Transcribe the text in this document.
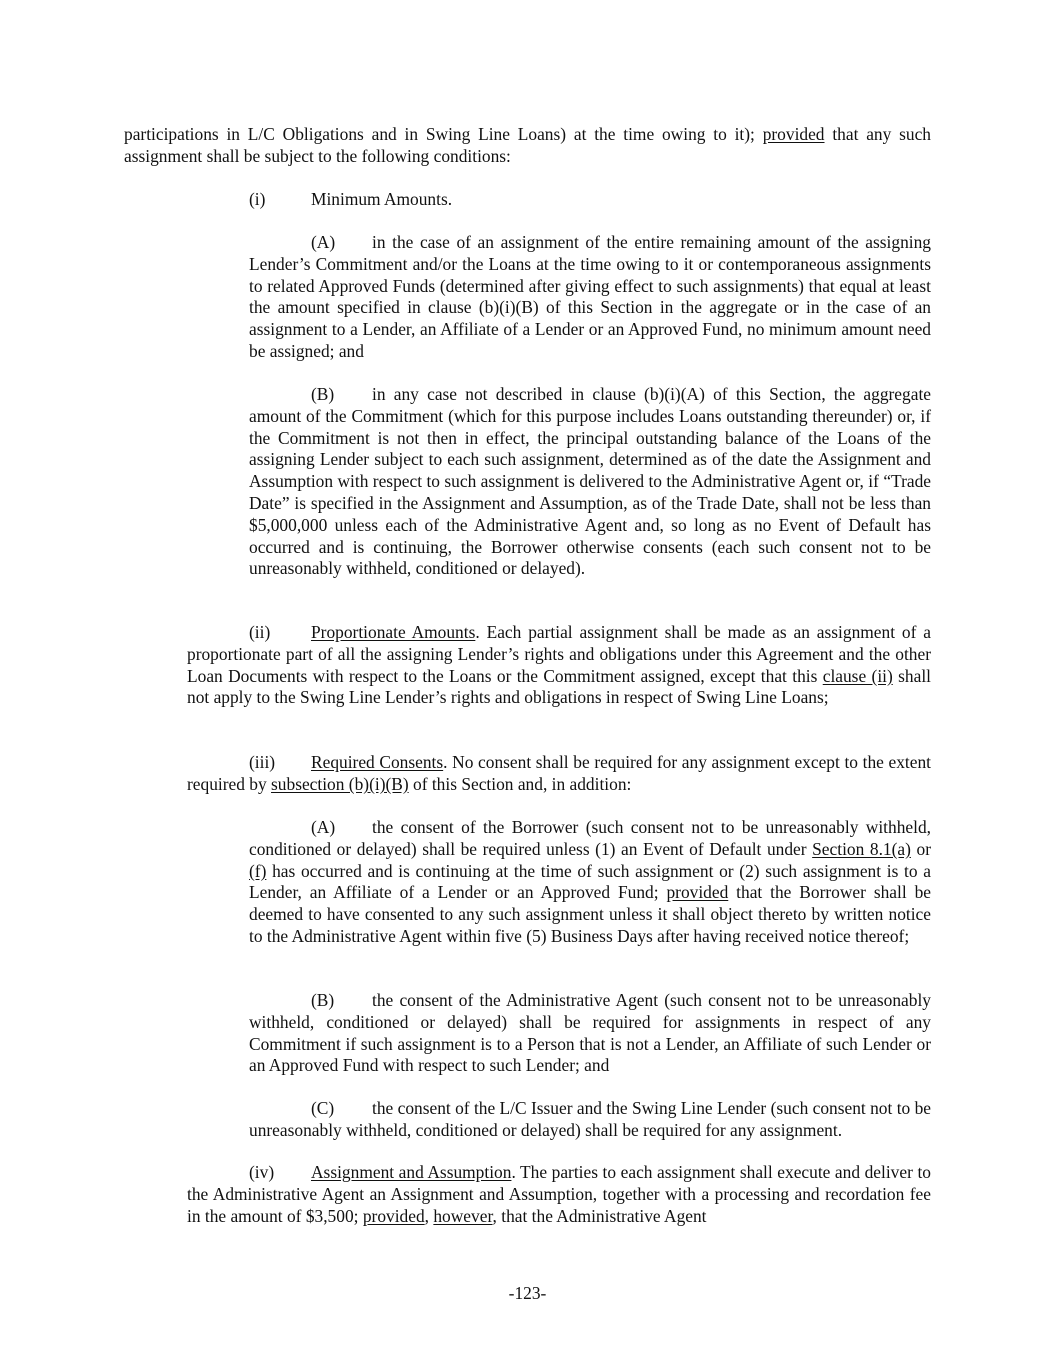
participations in L/C Obligations and in Swing Line Loans) at the time owing to it); provided that any such assignment shall be subject to the following conditions:

(i)	Minimum Amounts.

(A) in the case of an assignment of the entire remaining amount of the assigning Lender’s Commitment and/or the Loans at the time owing to it or contemporaneous assignments to related Approved Funds (determined after giving effect to such assignments) that equal at least the amount specified in clause (b)(i)(B) of this Section in the aggregate or in the case of an assignment to a Lender, an Affiliate of a Lender or an Approved Fund, no minimum amount need be assigned; and

(B) in any case not described in clause (b)(i)(A) of this Section, the aggregate amount of the Commitment (which for this purpose includes Loans outstanding thereunder) or, if the Commitment is not then in effect, the principal outstanding balance of the Loans of the assigning Lender subject to each such assignment, determined as of the date the Assignment and Assumption with respect to such assignment is delivered to the Administrative Agent or, if “Trade Date” is specified in the Assignment and Assumption, as of the Trade Date, shall not be less than $5,000,000 unless each of the Administrative Agent and, so long as no Event of Default has occurred and is continuing, the Borrower otherwise consents (each such consent not to be unreasonably withheld, conditioned or delayed).

(ii) Proportionate Amounts. Each partial assignment shall be made as an assignment of a proportionate part of all the assigning Lender’s rights and obligations under this Agreement and the other Loan Documents with respect to the Loans or the Commitment assigned, except that this clause (ii) shall not apply to the Swing Line Lender’s rights and obligations in respect of Swing Line Loans;

(iii) Required Consents. No consent shall be required for any assignment except to the extent required by subsection (b)(i)(B) of this Section and, in addition:

(A) the consent of the Borrower (such consent not to be unreasonably withheld, conditioned or delayed) shall be required unless (1) an Event of Default under Section 8.1(a) or (f) has occurred and is continuing at the time of such assignment or (2) such assignment is to a Lender, an Affiliate of a Lender or an Approved Fund; provided that the Borrower shall be deemed to have consented to any such assignment unless it shall object thereto by written notice to the Administrative Agent within five (5) Business Days after having received notice thereof;

(B) the consent of the Administrative Agent (such consent not to be unreasonably withheld, conditioned or delayed) shall be required for assignments in respect of any Commitment if such assignment is to a Person that is not a Lender, an Affiliate of such Lender or an Approved Fund with respect to such Lender; and

(C) the consent of the L/C Issuer and the Swing Line Lender (such consent not to be unreasonably withheld, conditioned or delayed) shall be required for any assignment.

(iv) Assignment and Assumption. The parties to each assignment shall execute and deliver to the Administrative Agent an Assignment and Assumption, together with a processing and recordation fee in the amount of $3,500; provided, however, that the Administrative Agent

-123-
